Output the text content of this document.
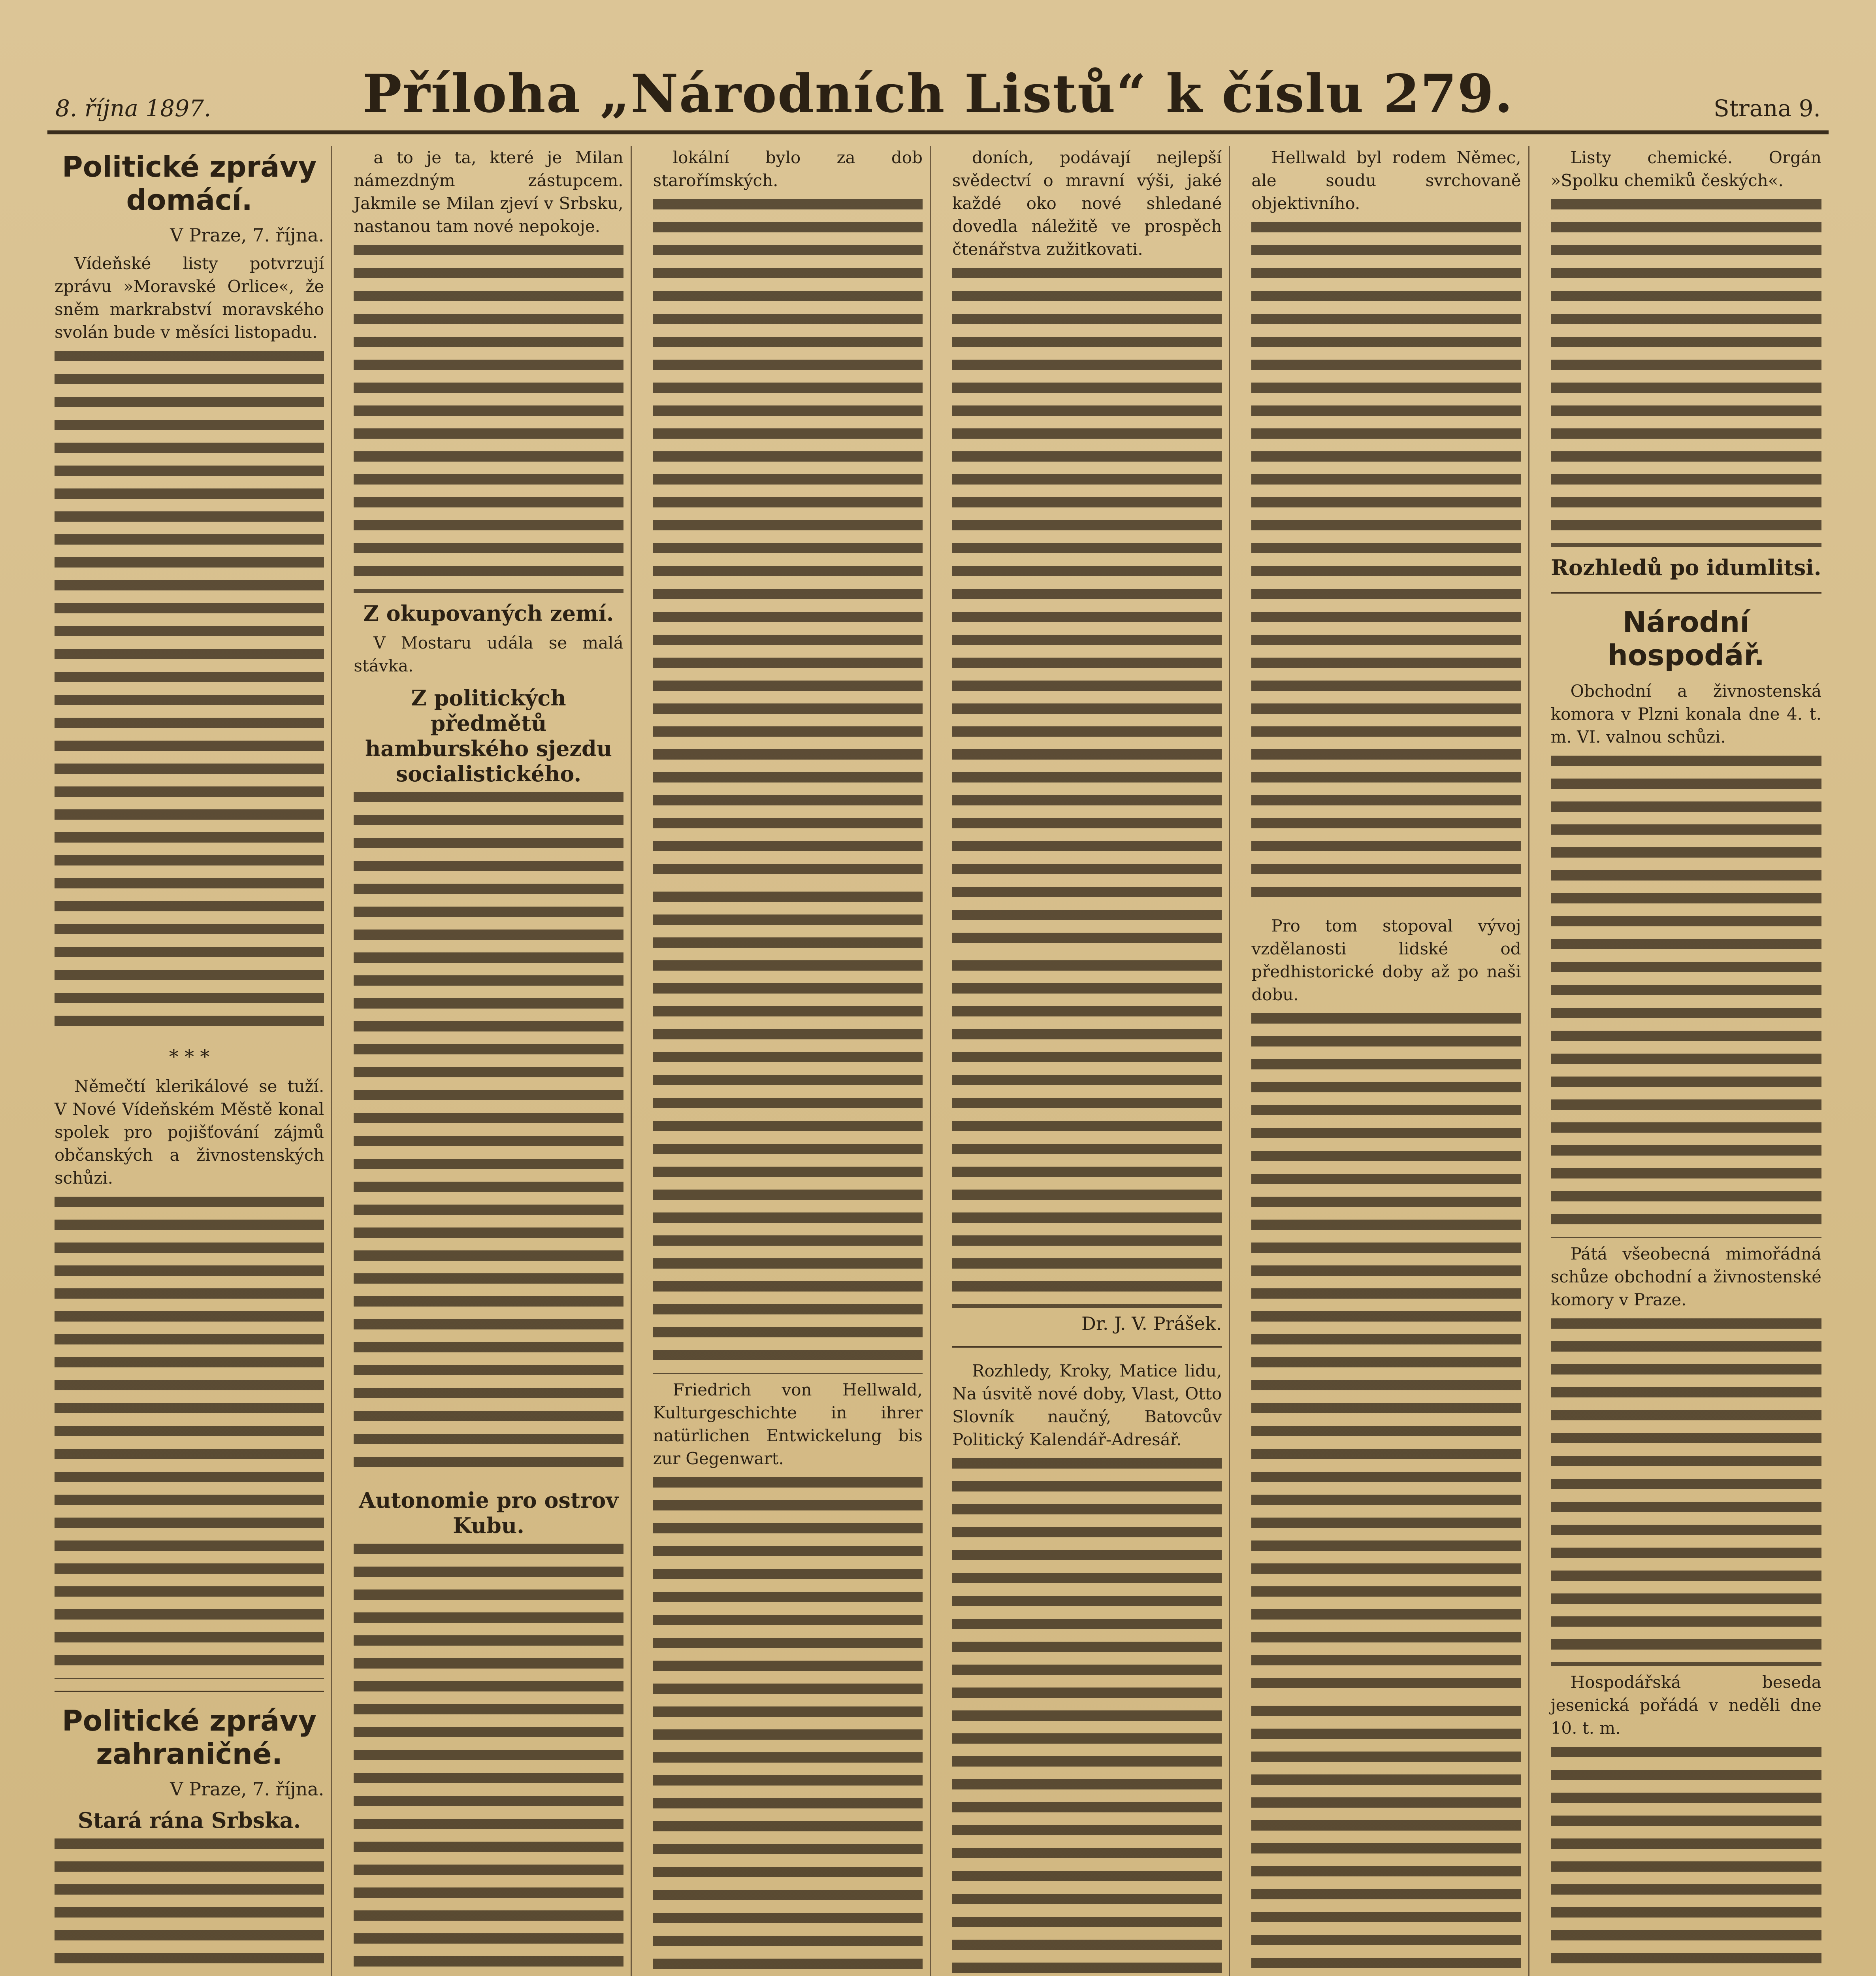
8. října 1897.	Příloha „Národních Listů“ k číslu 279.	Strana 9.
Politické zprávy domácí.
V Praze, 7. října.

Vídeňské listy potvrzují zprávu »Moravské Orlice«, že sněm markrabství moravského svolán bude v měsíci listopadu.

* * *

Němečtí klerikálové se tuží. V Nové Vídeňském Městě konal spolek pro pojišťování zájmů občanských a živnostenských schůzi.

Politické zprávy zahraničné.
V Praze, 7. října.
Stará rána Srbska.

a to je ta, které je Milan námezdným zástupcem. Jakmile se Milan zjeví v Srbsku, nastanou tam nové nepokoje.

Z okupovaných zemí.

V Mostaru udála se malá stávka.

Z politických předmětů hamburského sjezdu socialistického.
Autonomie pro ostrov Kubu.

lokální bylo za dob starořímských.

Friedrich von Hellwald, Kulturgeschichte in ihrer natürlichen Entwickelung bis zur Gegenwart.

doních, podávají nejlepší svědectví o mravní výši, jaké každé oko nové shledané dovedla náležitě ve prospěch čtenářstva zužitkovati.

Dr. J. V. Prášek.

Rozhledy, Kroky, Matice lidu, Na úsvitě nové doby, Vlast, Otto Slovník naučný, Batovcův Politický Kalendář-Adresář.

Hellwald byl rodem Němec, ale soudu svrchovaně objektivního.

Pro tom stopoval vývoj vzdělanosti lidské od předhistorické doby až po naši dobu.

Listy chemické. Orgán »Spolku chemiků českých«.

Rozhledů po idumlitsi.
Národní hospodář.

Obchodní a živnostenská komora v Plzni konala dne 4. t. m. VI. valnou schůzi.

Pátá všeobecná mimořádná schůze obchodní a živnostenské komory v Praze.

Hospodářská beseda jesenická pořádá v neděli dne 10. t. m.
